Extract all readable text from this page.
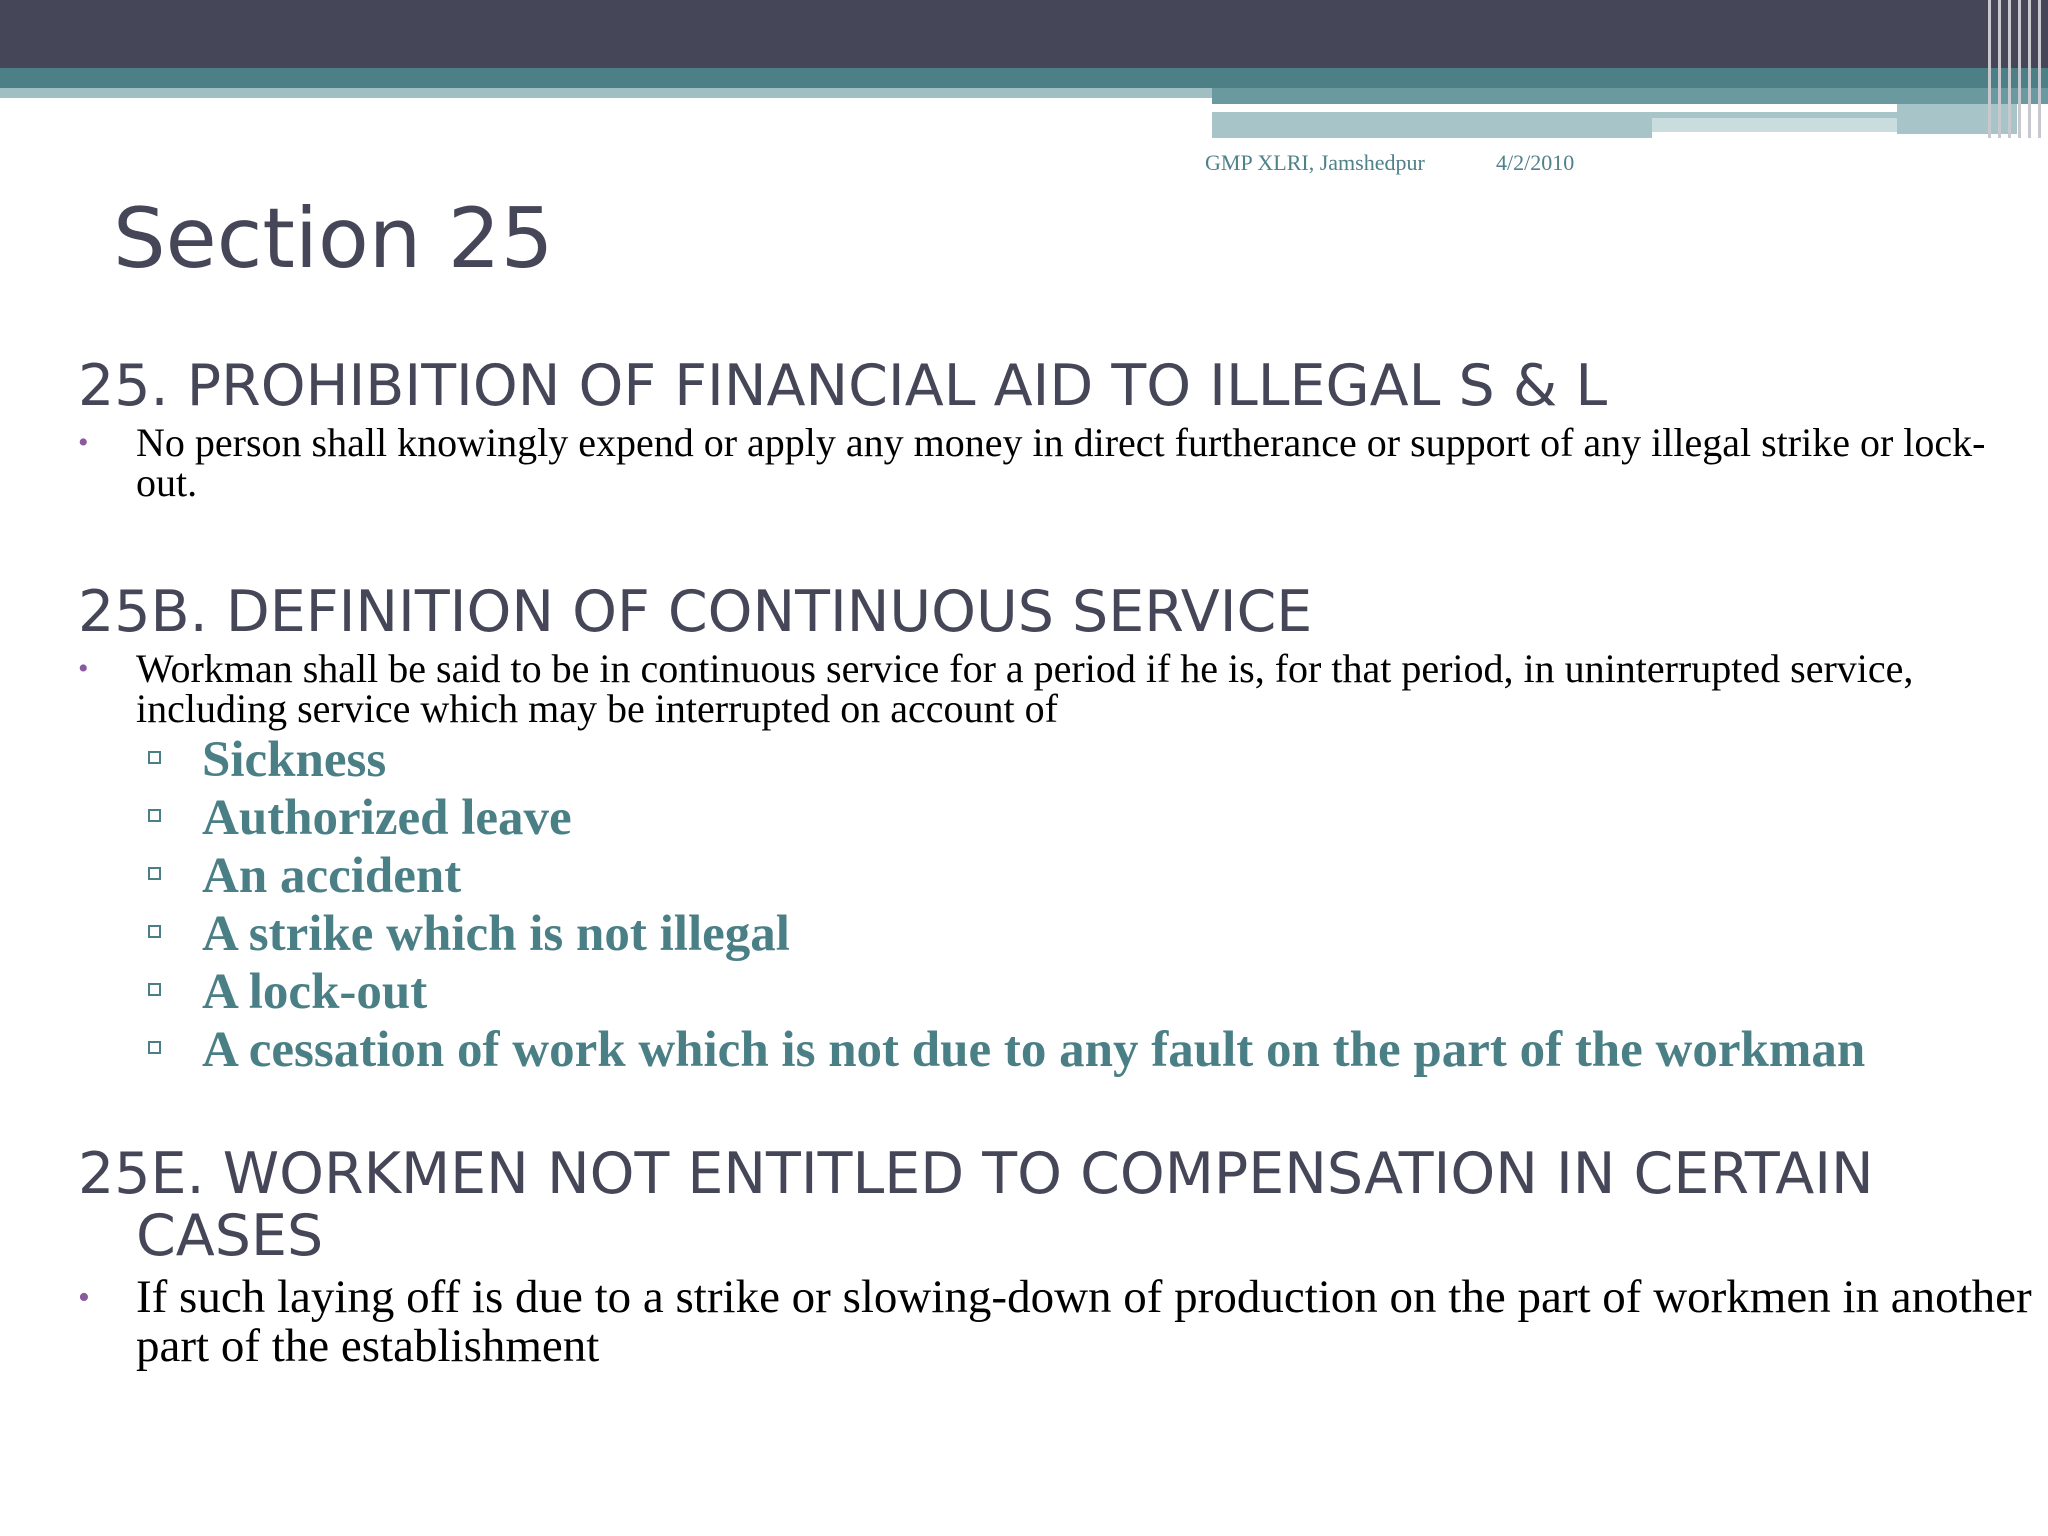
GMP XLRI, Jamshedpur	4/2/2010
Section 25
25. PROHIBITION OF FINANCIAL AID TO ILLEGAL S & L
• No person shall knowingly expend or apply any money in direct furtherance or support of any illegal strike or lock-out.
25B. DEFINITION OF CONTINUOUS SERVICE
• Workman shall be said to be in continuous service for a period if he is, for that period, in uninterrupted service, including service which may be interrupted on account of
Sickness
Authorized leave
An accident
A strike which is not illegal
A lock-out
A cessation of work which is not due to any fault on the part of the workman
25E. WORKMEN NOT ENTITLED TO COMPENSATION IN CERTAIN
CASES
• If such laying off is due to a strike or slowing-down of production on the part of workmen in another part of the establishment
